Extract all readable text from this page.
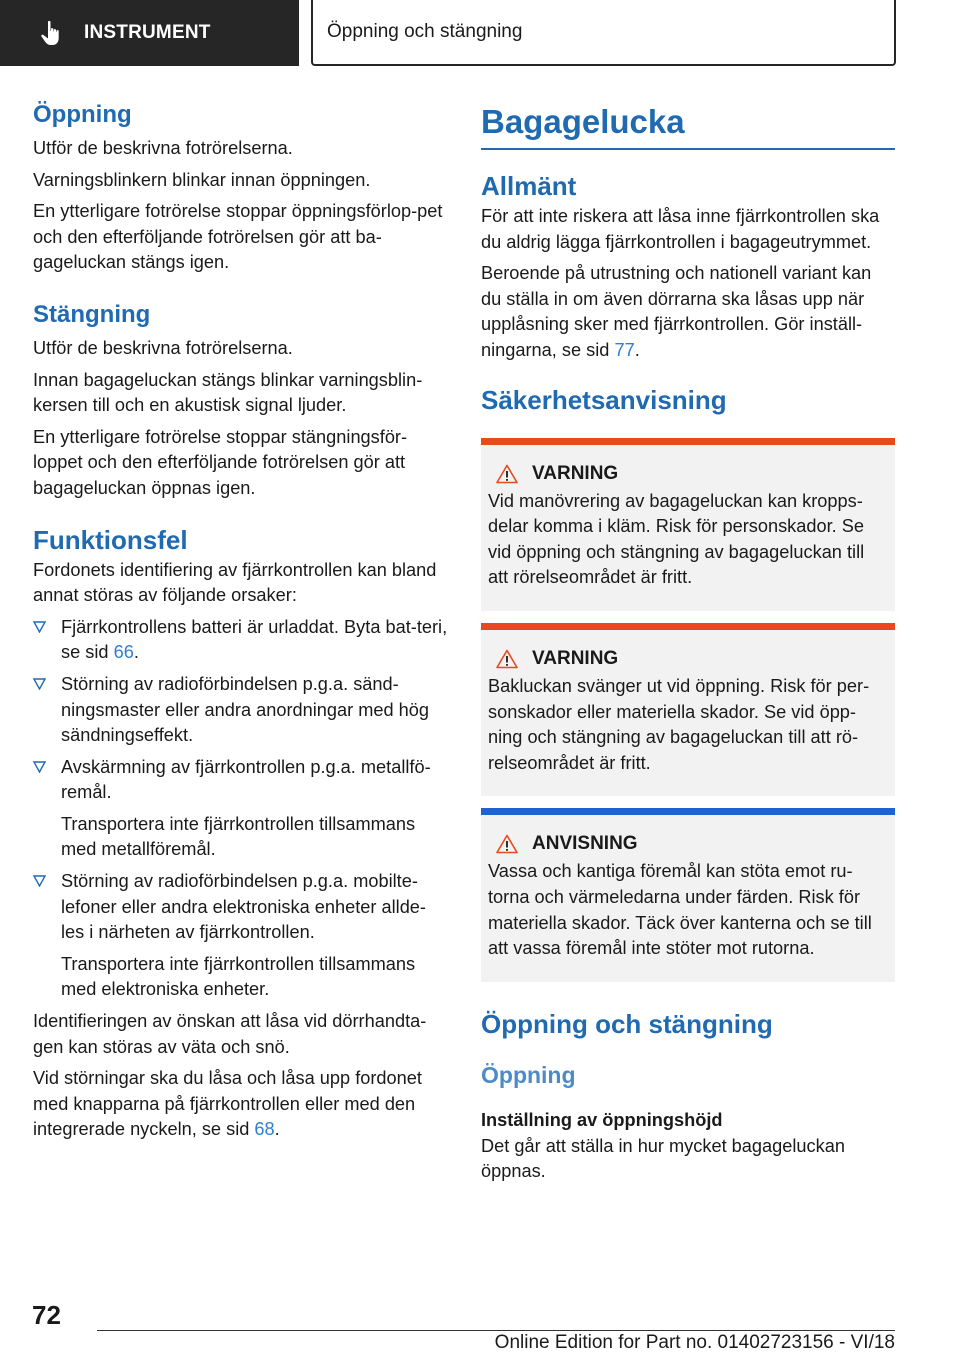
INSTRUMENT	Öppning och stängning
Öppning

Utför de beskrivna fotrörelserna.

Varningsblinkern blinkar innan öppningen.

En ytterligare fotrörelse stoppar öppningsförlop-pet och den efterföljande fotrörelsen gör att ba-gageluckan stängs igen.

Stängning

Utför de beskrivna fotrörelserna.

Innan bagageluckan stängs blinkar varningsblin-kersen till och en akustisk signal ljuder.

En ytterligare fotrörelse stoppar stängningsför-loppet och den efterföljande fotrörelsen gör att bagageluckan öppnas igen.

Funktionsfel

Fordonets identifiering av fjärrkontrollen kan bland annat störas av följande orsaker:

Fjärrkontrollens batteri är urladdat. Byta bat-teri, se sid 66.

Störning av radioförbindelsen p.g.a. sänd-ningsmaster eller andra anordningar med hög sändningseffekt.

Avskärmning av fjärrkontrollen p.g.a. metallfö-remål.

Transportera inte fjärrkontrollen tillsammans med metallföremål.

Störning av radioförbindelsen p.g.a. mobilte-lefoner eller andra elektroniska enheter allde-les i närheten av fjärrkontrollen.

Transportera inte fjärrkontrollen tillsammans med elektroniska enheter.

Identifieringen av önskan att låsa vid dörrhandta-gen kan störas av väta och snö.

Vid störningar ska du låsa och låsa upp fordonet med knapparna på fjärrkontrollen eller med den integrerade nyckeln, se sid 68.

Bagagelucka
Allmänt

För att inte riskera att låsa inne fjärrkontrollen ska du aldrig lägga fjärrkontrollen i bagageutrymmet.

Beroende på utrustning och nationell variant kan du ställa in om även dörrarna ska låsas upp när upplåsning sker med fjärrkontrollen. Gör inställ-ningarna, se sid 77.

Säkerhetsanvisning
VARNING

Vid manövrering av bagageluckan kan kropps-delar komma i kläm. Risk för personskador. Se vid öppning och stängning av bagageluckan till att rörelseområdet är fritt.

VARNING

Bakluckan svänger ut vid öppning. Risk för per-sonskador eller materiella skador. Se vid öpp-ning och stängning av bagageluckan till att rö-relseområdet är fritt.

ANVISNING

Vassa och kantiga föremål kan stöta emot ru-torna och värmeledarna under färden. Risk för materiella skador. Täck över kanterna och se till att vassa föremål inte stöter mot rutorna.

Öppning och stängning
Öppning
Inställning av öppningshöjd

Det går att ställa in hur mycket bagageluckan öppnas.

72
Online Edition for Part no. 01402723156 - VI/18
